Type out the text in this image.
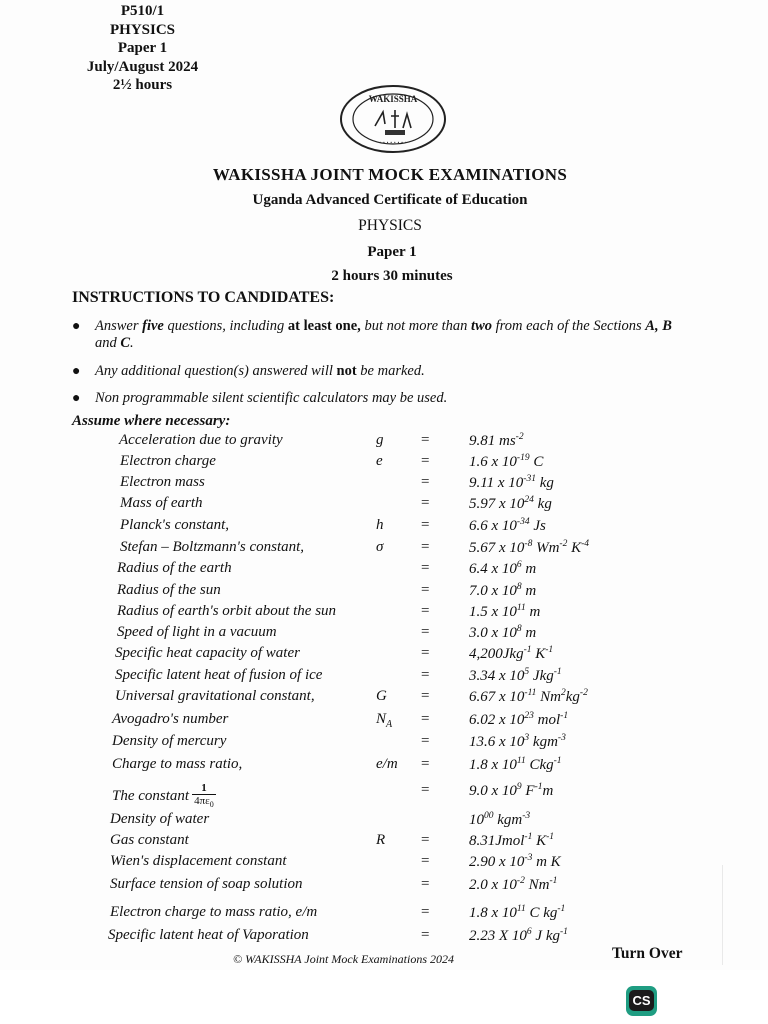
P510/1
PHYSICS
Paper 1
July/August 2024
2½ hours
WAKISSHA
• • • • • • • •
WAKISSHA JOINT MOCK EXAMINATIONS
Uganda Advanced Certificate of Education
PHYSICS
Paper 1
2 hours 30 minutes
INSTRUCTIONS TO CANDIDATES:
● Answer five questions, including at least one, but not more than two from each of the Sections A, B and C.
● Any additional question(s) answered will not be marked.
● Non programmable silent scientific calculators may be used.
Assume where necessary:
Acceleration due to gravity	g	=	9.81 $ms^{-2}$
Electron charge	e	=	1.6 x $10^{-19}$ C
Electron mass	=	9.11 x $10^{-31}$ kg
Mass of earth	=	5.97 x $10^{24}$ kg
Planck's constant,	h	=	6.6 x $10^{-34}$ Js
Stefan – Boltzmann's constant,	σ	=	5.67 x $10^{-8}$ $Wm^{-2}$ $K^{-4}$
Radius of the earth	=	6.4 x $10^6$ m
Radius of the sun	=	7.0 x $10^8$ m
Radius of earth's orbit about the sun	=	1.5 x $10^{11}$ m
Speed of light in a vacuum	=	3.0 x $10^8$ m
Specific heat capacity of water	=	4,200Jkg$^{-1}$ $K^{-1}$
Specific latent heat of fusion of ice	=	3.34 x $10^5$ Jkg$^{-1}$
Universal gravitational constant,	G =	6.67 x $10^{-11}$ $Nm^2kg^{-2}$
Avogadro's number	$N_A$ =	6.02 x $10^{23}$ mol$^{-1}$
Density of mercury	=	13.6 x $10^3$ kgm$^{-3}$
Charge to mass ratio,	e/m =	1.8 x $10^{11}$ Ckg$^{-1}$
The constant $\frac{1}{4\pi\varepsilon_0}$	=	9.0 x $10^9$ $F^{-1}m$
Density of water	$10^{00}$ kgm$^{-3}$
Gas constant	R =	8.31Jmol$^{-1}$ $K^{-1}$
Wien's displacement constant	=	2.90 x $10^{-3}$ m K
Surface tension of soap solution	=	2.0 x $10^{-2}$ $Nm^{-1}$
Electron charge to mass ratio, e/m	=	1.8 x $10^{11}$ C $kg^{-1}$
Specific latent heat of Vaporation	=	2.23 X $10^6$ J $kg^{-1}$
© WAKISSHA Joint Mock Examinations 2024	Turn Over
CS
